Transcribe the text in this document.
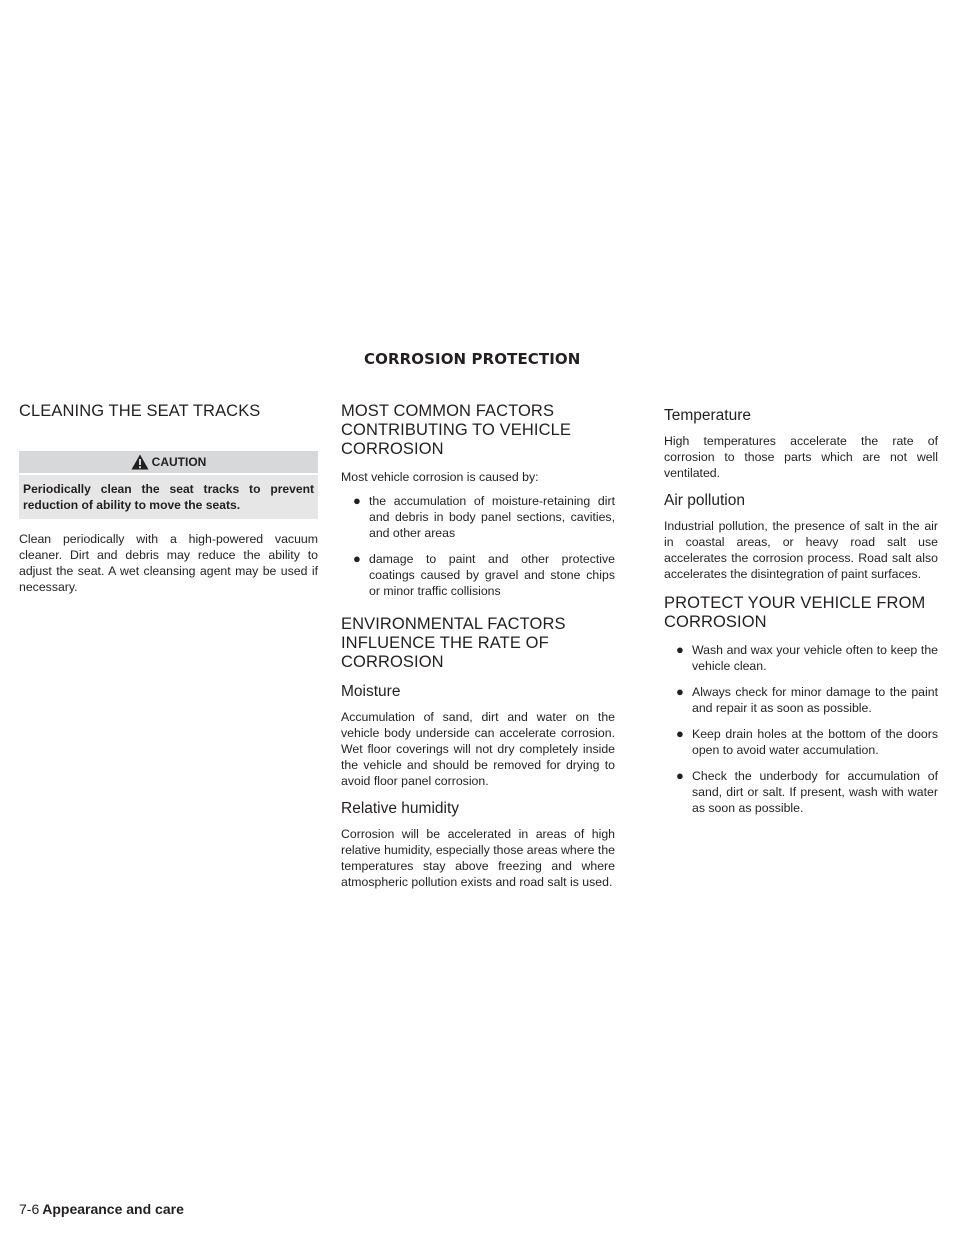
CORROSION PROTECTION
CLEANING THE SEAT TRACKS
CAUTION
Periodically clean the seat tracks to prevent reduction of ability to move the seats.
Clean periodically with a high-powered vacuum cleaner. Dirt and debris may reduce the ability to adjust the seat. A wet cleansing agent may be used if necessary.
MOST COMMON FACTORS CONTRIBUTING TO VEHICLE CORROSION
Most vehicle corrosion is caused by:
● the accumulation of moisture-retaining dirt and debris in body panel sections, cavities, and other areas
● damage to paint and other protective coatings caused by gravel and stone chips or minor traffic collisions
ENVIRONMENTAL FACTORS INFLUENCE THE RATE OF CORROSION
Moisture
Accumulation of sand, dirt and water on the vehicle body underside can accelerate corrosion. Wet floor coverings will not dry completely inside the vehicle and should be removed for drying to avoid floor panel corrosion.
Relative humidity
Corrosion will be accelerated in areas of high relative humidity, especially those areas where the temperatures stay above freezing and where atmospheric pollution exists and road salt is used.
Temperature
High temperatures accelerate the rate of corrosion to those parts which are not well ventilated.
Air pollution
Industrial pollution, the presence of salt in the air in coastal areas, or heavy road salt use accelerates the corrosion process. Road salt also accelerates the disintegration of paint surfaces.
PROTECT YOUR VEHICLE FROM CORROSION
● Wash and wax your vehicle often to keep the vehicle clean.
● Always check for minor damage to the paint and repair it as soon as possible.
● Keep drain holes at the bottom of the doors open to avoid water accumulation.
● Check the underbody for accumulation of sand, dirt or salt. If present, wash with water as soon as possible.
7-6 Appearance and care
